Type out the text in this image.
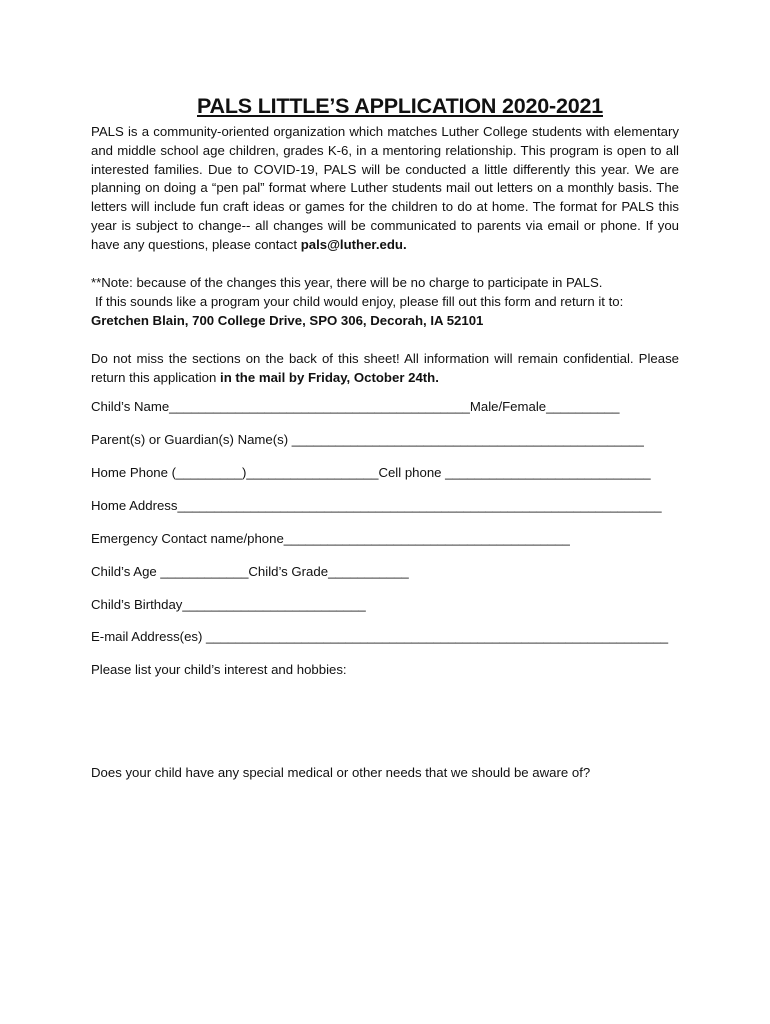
PALS LITTLE’S APPLICATION 2020-2021
PALS is a community-oriented organization which matches Luther College students with elementary and middle school age children, grades K-6, in a mentoring relationship. This program is open to all interested families. Due to COVID-19, PALS will be conducted a little differently this year. We are planning on doing a “pen pal” format where Luther students mail out letters on a monthly basis. The letters will include fun craft ideas or games for the children to do at home. The format for PALS this year is subject to change-- all changes will be communicated to parents via email or phone. If you have any questions, please contact pals@luther.edu.
**Note: because of the changes this year, there will be no charge to participate in PALS.
If this sounds like a program your child would enjoy, please fill out this form and return it to:
Gretchen Blain, 700 College Drive, SPO 306, Decorah, IA 52101
Do not miss the sections on the back of this sheet! All information will remain confidential. Please return this application in the mail by Friday, October 24th.
Child’s Name_________________________________________Male/Female__________
Parent(s) or Guardian(s) Name(s) ________________________________________________
Home Phone (_________)__________________Cell phone ____________________________
Home Address__________________________________________________________________
Emergency Contact name/phone_______________________________________
Child’s Age ____________Child’s Grade___________
Child’s Birthday_________________________
E-mail Address(es) _______________________________________________________________
Please list your child’s interest and hobbies:
Does your child have any special medical or other needs that we should be aware of?
